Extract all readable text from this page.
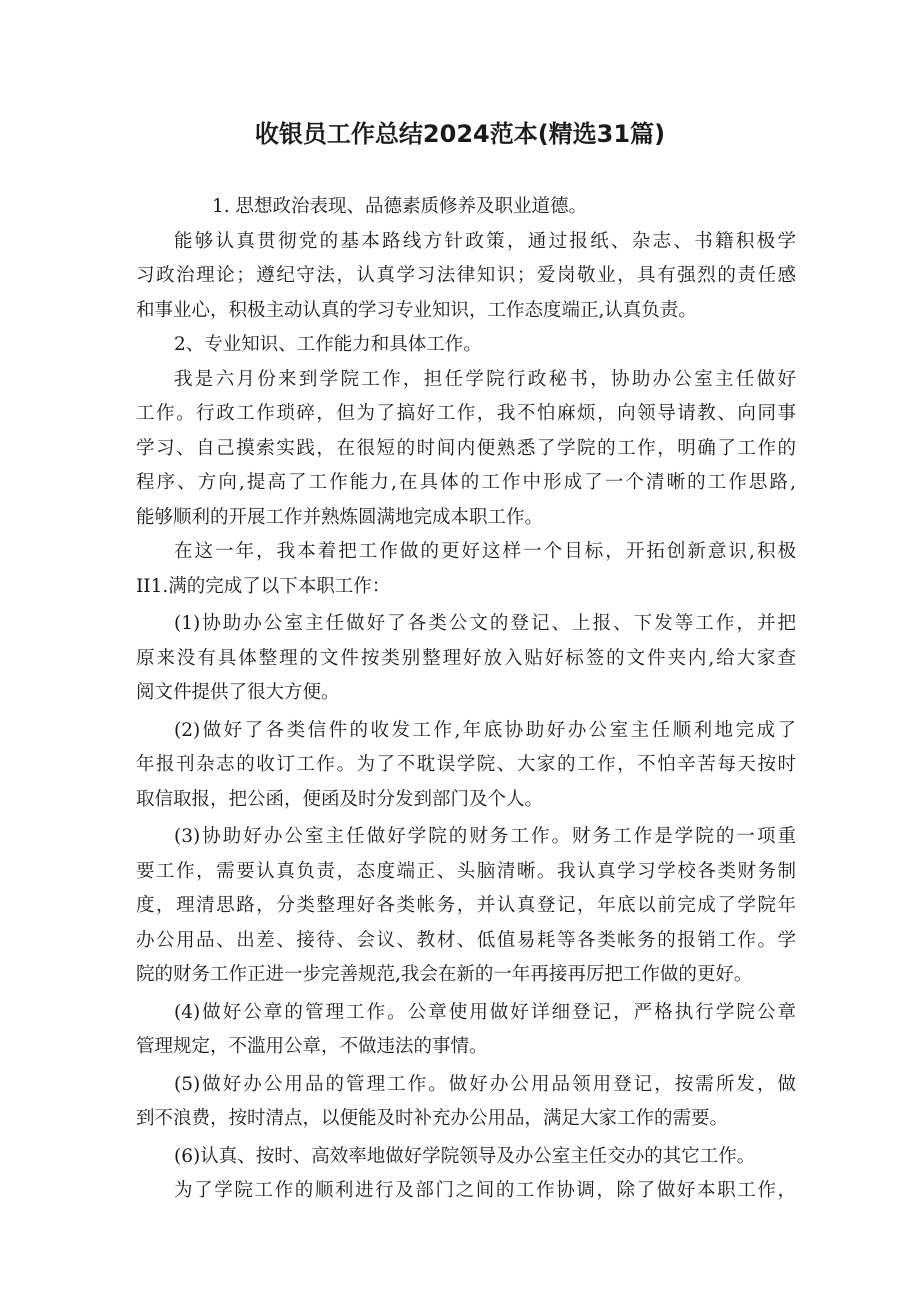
收银员工作总结2024范本(精选31篇)
1. 思想政治表现、品德素质修养及职业道德。
能够认真贯彻党的基本路线方针政策，通过报纸、杂志、书籍积极学
习政治理论；遵纪守法，认真学习法律知识；爱岗敬业，具有强烈的责任感
和事业心，积极主动认真的学习专业知识，工作态度端正,认真负责。
2、专业知识、工作能力和具体工作。
我是六月份来到学院工作，担任学院行政秘书，协助办公室主任做好
工作。行政工作琐碎，但为了搞好工作，我不怕麻烦，向领导请教、向同事
学习、自己摸索实践，在很短的时间内便熟悉了学院的工作，明确了工作的
程序、方向,提高了工作能力,在具体的工作中形成了一个清晰的工作思路,
能够顺利的开展工作并熟炼圆满地完成本职工作。
在这一年，我本着把工作做的更好这样一个目标，开拓创新意识,积极
II1.满的完成了以下本职工作：
(1)协助办公室主任做好了各类公文的登记、上报、下发等工作，并把
原来没有具体整理的文件按类别整理好放入贴好标签的文件夹内,给大家查
阅文件提供了很大方便。
(2)做好了各类信件的收发工作,年底协助好办公室主任顺利地完成了
年报刊杂志的收订工作。为了不耽误学院、大家的工作，不怕辛苦每天按时
取信取报，把公函，便函及时分发到部门及个人。
(3)协助好办公室主任做好学院的财务工作。财务工作是学院的一项重
要工作，需要认真负责，态度端正、头脑清晰。我认真学习学校各类财务制
度，理清思路，分类整理好各类帐务，并认真登记，年底以前完成了学院年
办公用品、出差、接待、会议、教材、低值易耗等各类帐务的报销工作。学
院的财务工作正进一步完善规范,我会在新的一年再接再厉把工作做的更好。
(4)做好公章的管理工作。公章使用做好详细登记，严格执行学院公章
管理规定，不滥用公章，不做违法的事情。
(5)做好办公用品的管理工作。做好办公用品领用登记，按需所发，做
到不浪费，按时清点，以便能及时补充办公用品，满足大家工作的需要。
(6)认真、按时、高效率地做好学院领导及办公室主任交办的其它工作。
为了学院工作的顺利进行及部门之间的工作协调，除了做好本职工作，
